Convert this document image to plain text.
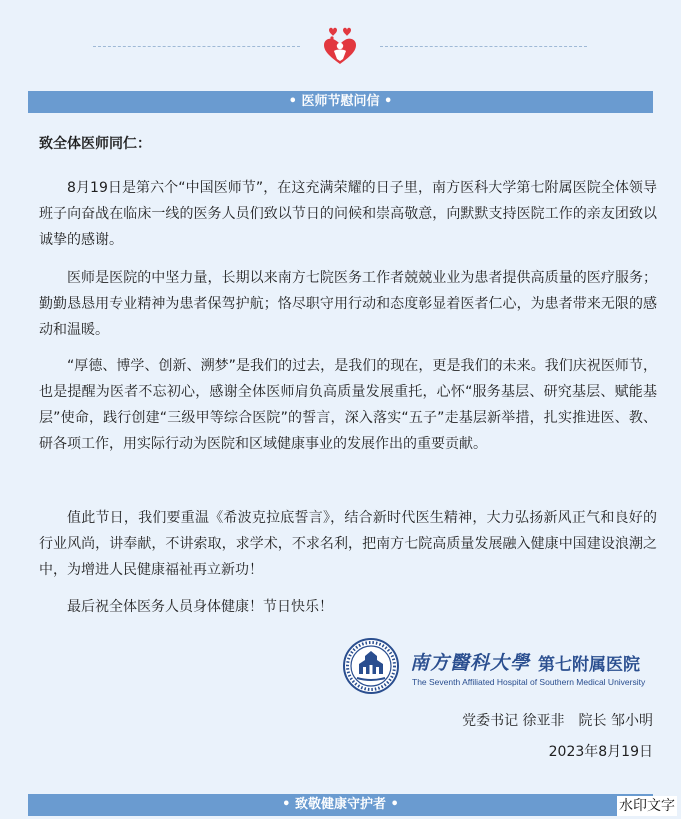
• 医师节慰问信 •
致全体医师同仁：

8月19日是第六个“中国医师节”，在这充满荣耀的日子里，南方医科大学第七附属医院全体领导班子向奋战在临床一线的医务人员们致以节日的问候和崇高敬意，向默默支持医院工作的亲友团致以诚挚的感谢。

医师是医院的中坚力量，长期以来南方七院医务工作者兢兢业业为患者提供高质量的医疗服务；勤勤恳恳用专业精神为患者保驾护航；恪尽职守用行动和态度彰显着医者仁心，为患者带来无限的感动和温暖。

“厚德、博学、创新、溯梦”是我们的过去，是我们的现在，更是我们的未来。我们庆祝医师节，也是提醒为医者不忘初心，感谢全体医师肩负高质量发展重托，心怀“服务基层、研究基层、赋能基层”使命，践行创建“三级甲等综合医院”的誓言，深入落实“五子”走基层新举措，扎实推进医、教、研各项工作，用实际行动为医院和区域健康事业的发展作出的重要贡献。

值此节日，我们要重温《希波克拉底誓言》，结合新时代医生精神，大力弘扬新风正气和良好的行业风尚，讲奉献，不讲索取，求学术，不求名利，把南方七院高质量发展融入健康中国建设浪潮之中，为增进人民健康福祉再立新功！

最后祝全体医务人员身体健康！节日快乐！

南方醫科大學 第七附属医院
The Seventh Affiliated Hospital of Southern Medical University
党委书记 徐亚非　院长 邹小明
2023年8月19日
• 致敬健康守护者 •	水印文字
